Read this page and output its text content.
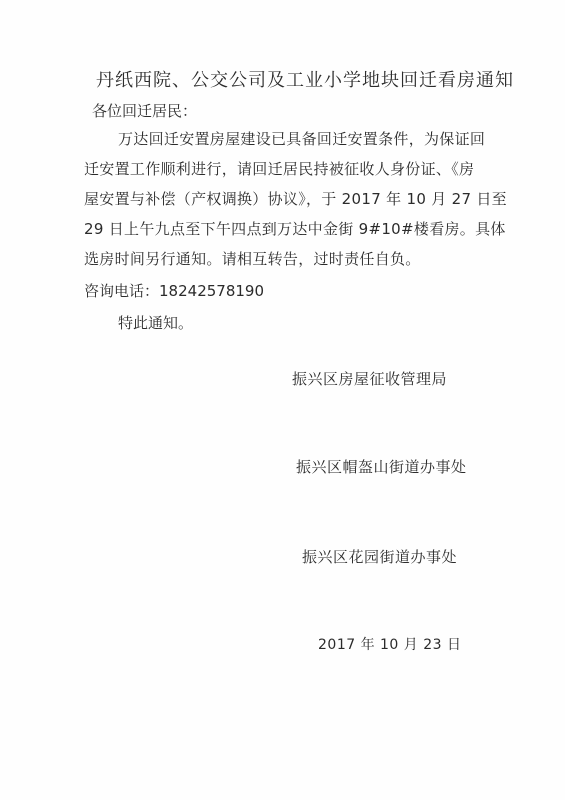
丹纸西院、公交公司及工业小学地块回迁看房通知
各位回迁居民：
万达回迁安置房屋建设已具备回迁安置条件，为保证回
迁安置工作顺利进行，请回迁居民持被征收人身份证、《房
屋安置与补偿（产权调换）协议》，于 2017 年 10 月 27 日至
29 日上午九点至下午四点到万达中金街 9#10#楼看房。具体
选房时间另行通知。请相互转告，过时责任自负。
咨询电话：18242578190
特此通知。
振兴区房屋征收管理局
振兴区帽盔山街道办事处
振兴区花园街道办事处
2017 年 10 月 23 日
